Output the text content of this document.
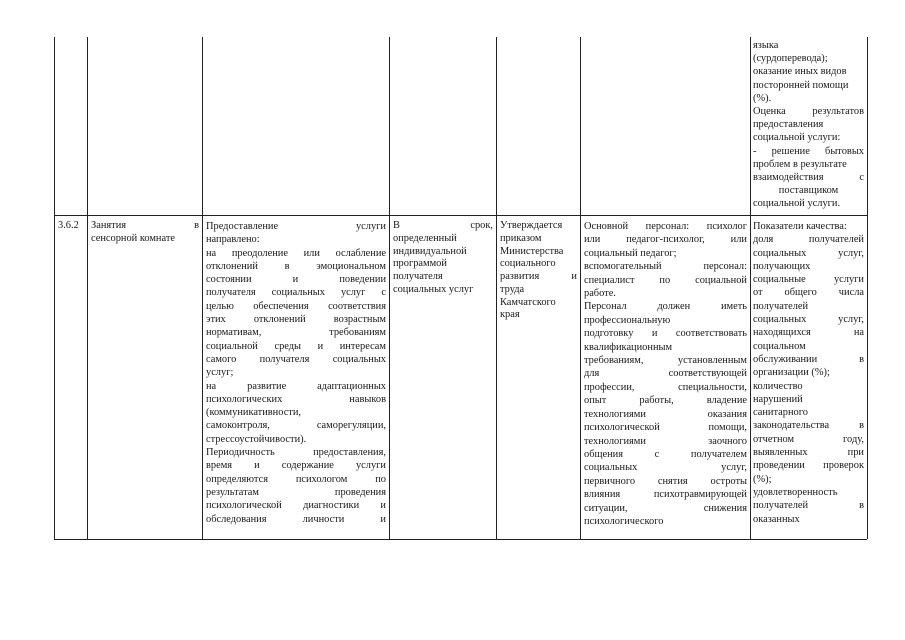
языка

(сурдоперевода);

оказание иных видов

посторонней помощи

(%).

Оценка результатов

предоставления

социальной услуги:

- решение бытовых

проблем в результате

взаимодействия с

поставщиком

социальной услуги.

3.6.2	Занятия в

сенсорной комнате

Предоставление услуги

направлено:

на преодоление или ослабление

отклонений в эмоциональном

состоянии и поведении

получателя социальных услуг с

целью обеспечения соответствия

этих отклонений возрастным

нормативам, требованиям

социальной среды и интересам

самого получателя социальных

услуг;

на развитие адаптационных

психологических навыков

(коммуникативности,

самоконтроля, саморегуляции,

стрессоустойчивости).

Периодичность предоставления,

время и содержание услуги

определяются психологом по

результатам проведения

психологической диагностики и

обследования личности и

В срок,

определенный

индивидуальной

программой

получателя

социальных услуг

Утверждается

приказом

Министерства

социального

развития и

труда

Камчатского

края

Основной персонал: психолог

или педагог-психолог, или

социальный педагог;

вспомогательный персонал:

специалист по социальной

работе.

Персонал должен иметь

профессиональную

подготовку и соответствовать

квалификационным

требованиям, установленным

для соответствующей

профессии, специальности,

опыт работы, владение

технологиями оказания

психологической помощи,

технологиями заочного

общения с получателем

социальных услуг,

первичного снятия остроты

влияния психотравмирующей

ситуации, снижения

психологического

Показатели качества:

доля получателей

социальных услуг,

получающих

социальные услуги

от общего числа

получателей

социальных услуг,

находящихся на

социальном

обслуживании в

организации (%);

количество

нарушений

санитарного

законодательства в

отчетном году,

выявленных при

проведении проверок

(%);

удовлетворенность

получателей в

оказанных
